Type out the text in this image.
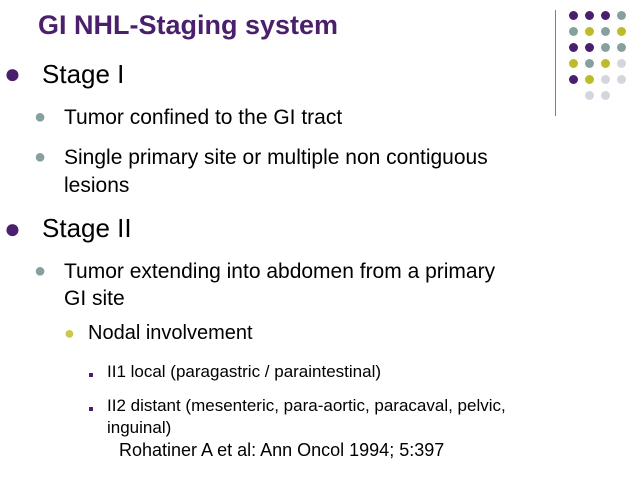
GI NHL-Staging system
● Stage I
● Tumor confined to the GI tract
● Single primary site or multiple non contiguous
lesions
● Stage II
● Tumor extending into abdomen from a primary
GI site
● Nodal involvement
II1 local (paragastric / paraintestinal)
II2 distant (mesenteric, para-aortic, paracaval, pelvic,
inguinal)
Rohatiner A et al: Ann Oncol 1994; 5:397
